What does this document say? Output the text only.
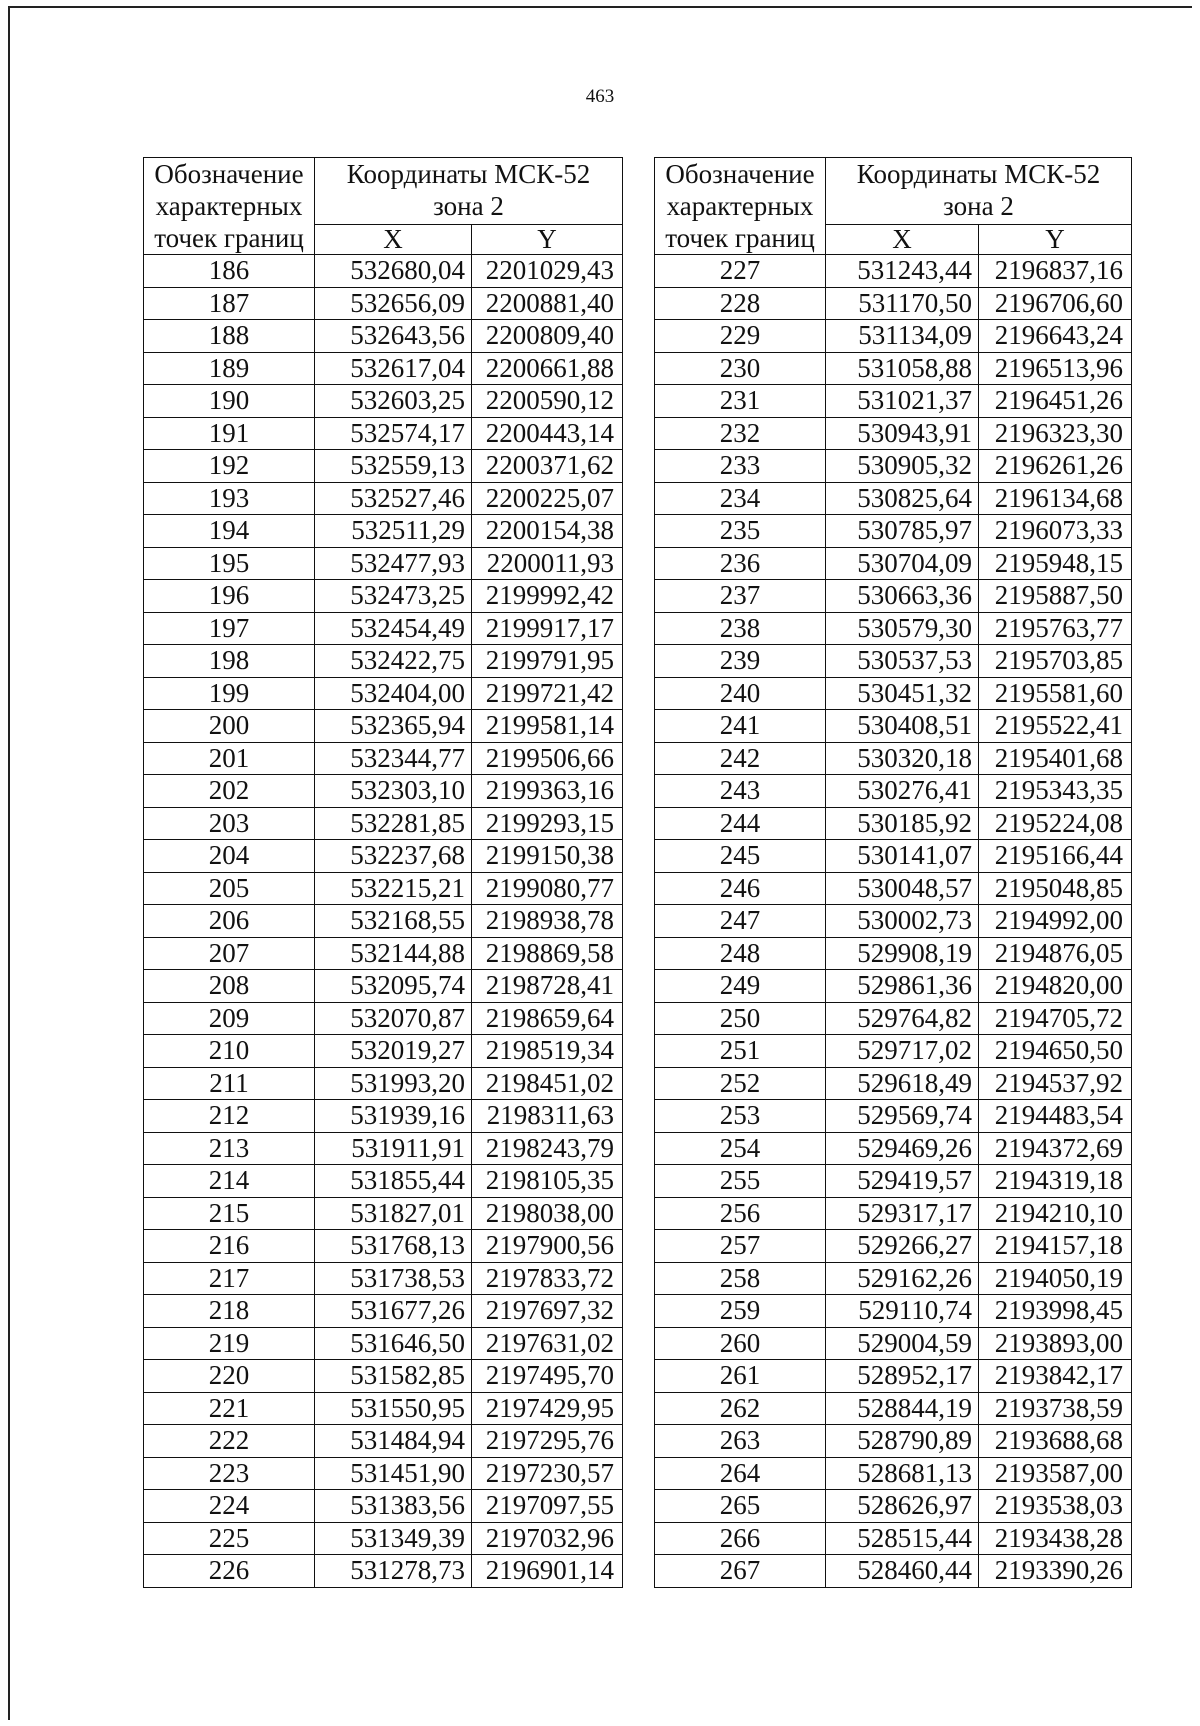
463
Обозначение
характерных
точек границ	Координаты МСК-52
зона 2	
	X	Y
186	532680,04	2201029,43
187	532656,09	2200881,40
188	532643,56	2200809,40
189	532617,04	2200661,88
190	532603,25	2200590,12
191	532574,17	2200443,14
192	532559,13	2200371,62
193	532527,46	2200225,07
194	532511,29	2200154,38
195	532477,93	2200011,93
196	532473,25	2199992,42
197	532454,49	2199917,17
198	532422,75	2199791,95
199	532404,00	2199721,42
200	532365,94	2199581,14
201	532344,77	2199506,66
202	532303,10	2199363,16
203	532281,85	2199293,15
204	532237,68	2199150,38
205	532215,21	2199080,77
206	532168,55	2198938,78
207	532144,88	2198869,58
208	532095,74	2198728,41
209	532070,87	2198659,64
210	532019,27	2198519,34
211	531993,20	2198451,02
212	531939,16	2198311,63
213	531911,91	2198243,79
214	531855,44	2198105,35
215	531827,01	2198038,00
216	531768,13	2197900,56
217	531738,53	2197833,72
218	531677,26	2197697,32
219	531646,50	2197631,02
220	531582,85	2197495,70
221	531550,95	2197429,95
222	531484,94	2197295,76
223	531451,90	2197230,57
224	531383,56	2197097,55
225	531349,39	2197032,96
226	531278,73	2196901,14
Обозначение
характерных
точек границ	Координаты МСК-52
зона 2	
	X	Y
227	531243,44	2196837,16
228	531170,50	2196706,60
229	531134,09	2196643,24
230	531058,88	2196513,96
231	531021,37	2196451,26
232	530943,91	2196323,30
233	530905,32	2196261,26
234	530825,64	2196134,68
235	530785,97	2196073,33
236	530704,09	2195948,15
237	530663,36	2195887,50
238	530579,30	2195763,77
239	530537,53	2195703,85
240	530451,32	2195581,60
241	530408,51	2195522,41
242	530320,18	2195401,68
243	530276,41	2195343,35
244	530185,92	2195224,08
245	530141,07	2195166,44
246	530048,57	2195048,85
247	530002,73	2194992,00
248	529908,19	2194876,05
249	529861,36	2194820,00
250	529764,82	2194705,72
251	529717,02	2194650,50
252	529618,49	2194537,92
253	529569,74	2194483,54
254	529469,26	2194372,69
255	529419,57	2194319,18
256	529317,17	2194210,10
257	529266,27	2194157,18
258	529162,26	2194050,19
259	529110,74	2193998,45
260	529004,59	2193893,00
261	528952,17	2193842,17
262	528844,19	2193738,59
263	528790,89	2193688,68
264	528681,13	2193587,00
265	528626,97	2193538,03
266	528515,44	2193438,28
267	528460,44	2193390,26
